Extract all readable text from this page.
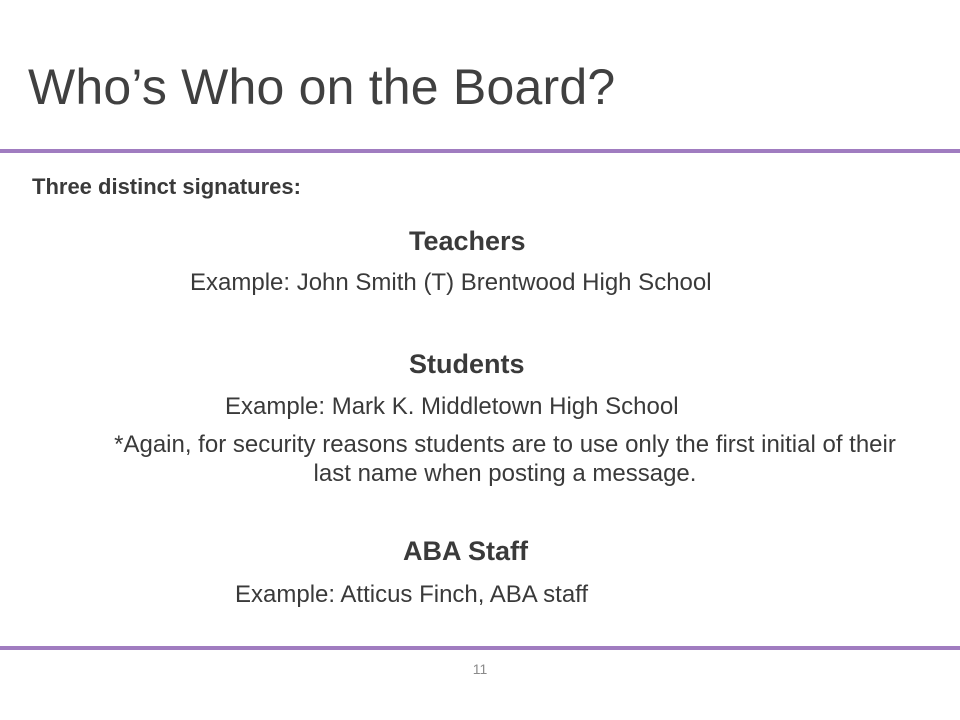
Who’s Who on the Board?
Three distinct signatures:
Teachers
Example: John Smith (T) Brentwood High School
Students
Example: Mark K. Middletown High School
*Again, for security reasons students are to use only the first initial of their last name when posting a message.
ABA Staff
Example: Atticus Finch, ABA staff
11
